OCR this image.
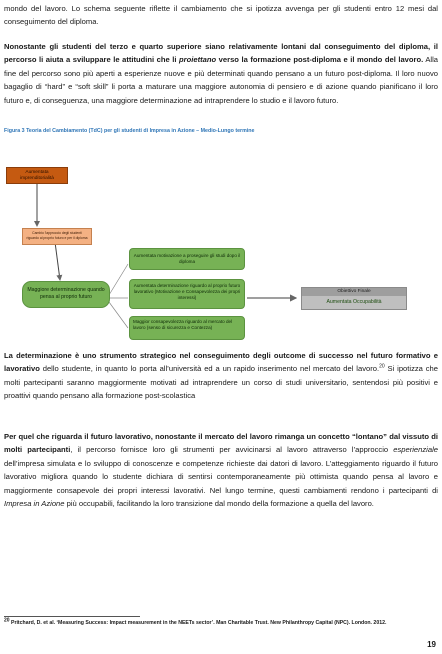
mondo del lavoro. Lo schema seguente riflette il cambiamento che si ipotizza avvenga per gli studenti entro 12 mesi dal conseguimento del diploma.
Nonostante gli studenti del terzo e quarto superiore siano relativamente lontani dal conseguimento del diploma, il percorso li aiuta a sviluppare le attitudini che li proiettano verso la formazione post-diploma e il mondo del lavoro. Alla fine del percorso sono più aperti a esperienze nuove e più determinati quando pensano a un futuro post-diploma. Il loro nuovo bagaglio di “hard” e “soft skill” li porta a maturare una maggiore autonomia di pensiero e di azione quando pianificano il loro futuro e, di conseguenza, una maggiore determinazione ad intraprendere lo studio e il lavoro futuro.
Figura 3 Teoria del Cambiamento (TdC) per gli studenti di Impresa in Azione – Medio-Lungo termine
Aumentata imprenditorialità
Cambio l'approccio degli studenti riguardo al proprio futuro e per il diploma
Maggiore determinazione quando pensa al proprio futuro
Aumentata motivazione a proseguire gli studi dopo il diploma
Aumentata determinazione riguardo al proprio futuro lavorativo (Motivazione e Consapevolezza dei propri interessi)
Maggior consapevolezza riguardo al mercato del lavoro (senso di sicurezza e Contezza)
Obiettivo Finale
Aumentata Occupabilità
La determinazione è uno strumento strategico nel conseguimento degli outcome di successo nel futuro formativo e lavorativo dello studente, in quanto lo porta all’università ed a un rapido inserimento nel mercato del lavoro.$^{20}$ Si ipotizza che molti partecipanti saranno maggiormente motivati ad intraprendere un corso di studi universitario, sentendosi più positivi e proattivi quando pensano alla formazione post-scolastica
Per quel che riguarda il futuro lavorativo, nonostante il mercato del lavoro rimanga un concetto “lontano” dal vissuto di molti partecipanti, il percorso fornisce loro gli strumenti per avvicinarsi al lavoro attraverso l’approccio esperienziale dell’impresa simulata e lo sviluppo di conoscenze e competenze richieste dai datori di lavoro. L’atteggiamento riguardo il futuro lavorativo migliora quando lo studente dichiara di sentirsi contemporaneamente più ottimista quando pensa al lavoro e maggiormente consapevole dei propri interessi lavorativi. Nel lungo termine, questi cambiamenti rendono i partecipanti di Impresa in Azione più occupabili, facilitando la loro transizione dal mondo della formazione a quella del lavoro.
$^{20}$ Pritchard, D. et al. ‘Measuring Success: Impact measurement in the NEETs sector’. Man Charitable Trust. New Philanthropy Capital (NPC). London. 2012.
19
